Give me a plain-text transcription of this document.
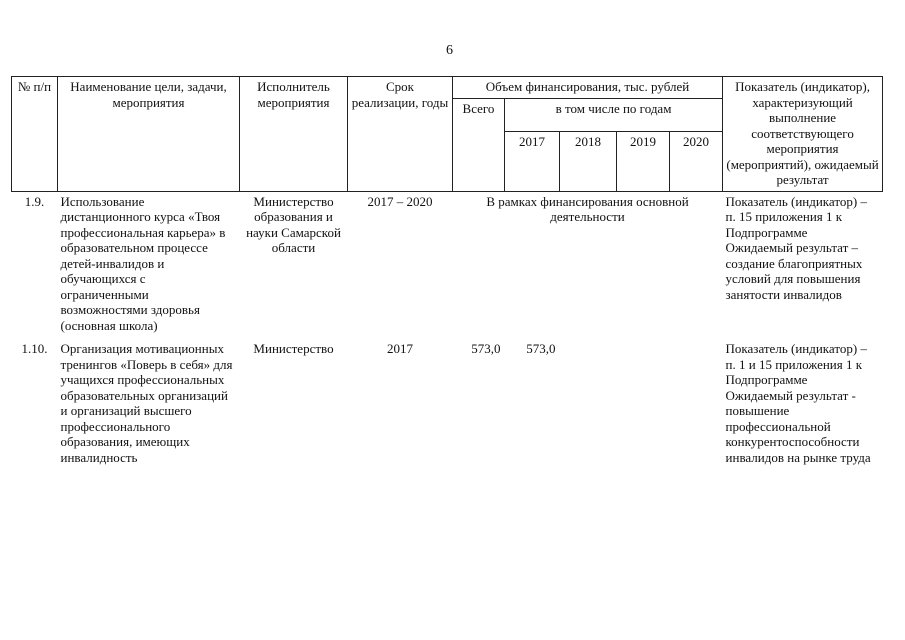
6
№ п/п	Наименование цели, задачи, мероприятия	Исполнитель мероприятия	Срок реализации, годы	Объем финансирования, тыс. рублей					Показатель (индикатор), характеризующий выполнение соответствующего мероприятия (мероприятий), ожидаемый результат
				Всего	в том числе по годам				
					2017	2018	2019	2020	
1.9.	Использование дистанционного курса «Твоя профессиональная карьера» в образовательном процессе детей-инвалидов и обучающихся с ограниченными возможностями здоровья (основная школа)	Министерство образования и науки Самарской области	2017 – 2020	В рамках финансирования основной деятельности					Показатель (индикатор) – п. 15 приложения 1 к Подпрограмме
Ожидаемый результат – создание благоприятных условий для повышения занятости инвалидов

1.10.	Организация мотивационных тренингов «Поверь в себя» для учащихся профессиональных образовательных организаций и организаций высшего профессионального образования, имеющих инвалидность	Министерство	2017	573,0	573,0				Показатель (индикатор) – п. 1 и 15 приложения 1 к Подпрограмме
Ожидаемый результат - повышение профессиональной конкурентоспособности инвалидов на рынке труда
